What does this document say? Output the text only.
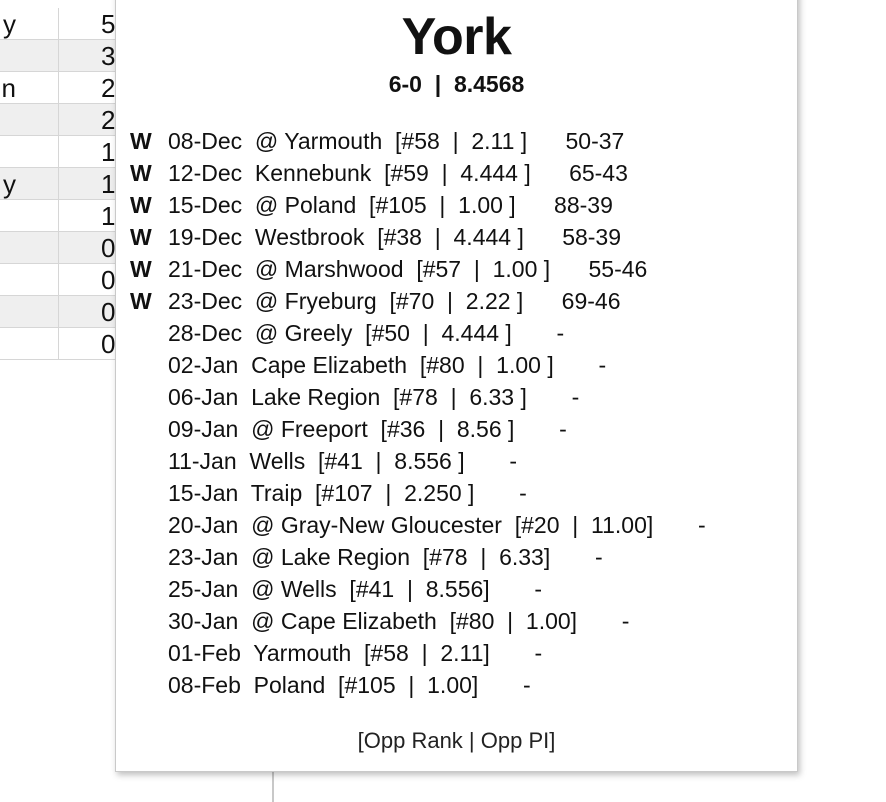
y	5
3
n	2
2
1
y	1
1
0
0
0
0
York
6-0  |  8.4568
W 08-Dec  @ Yarmouth  [#58  |  2.11 ]      50-37
W 12-Dec  Kennebunk  [#59  |  4.444 ]      65-43
W 15-Dec  @ Poland  [#105  |  1.00 ]      88-39
W 19-Dec  Westbrook  [#38  |  4.444 ]      58-39
W 21-Dec  @ Marshwood  [#57  |  1.00 ]      55-46
W 23-Dec  @ Fryeburg  [#70  |  2.22 ]      69-46
28-Dec  @ Greely  [#50  |  4.444 ]       -
02-Jan  Cape Elizabeth  [#80  |  1.00 ]       -
06-Jan  Lake Region  [#78  |  6.33 ]       -
09-Jan  @ Freeport  [#36  |  8.56 ]       -
11-Jan  Wells  [#41  |  8.556 ]       -
15-Jan  Traip  [#107  |  2.250 ]       -
20-Jan  @ Gray-New Gloucester  [#20  |  11.00]       -
23-Jan  @ Lake Region  [#78  |  6.33]       -
25-Jan  @ Wells  [#41  |  8.556]       -
30-Jan  @ Cape Elizabeth  [#80  |  1.00]       -
01-Feb  Yarmouth  [#58  |  2.11]       -
08-Feb  Poland  [#105  |  1.00]       -
[Opp Rank | Opp PI]
